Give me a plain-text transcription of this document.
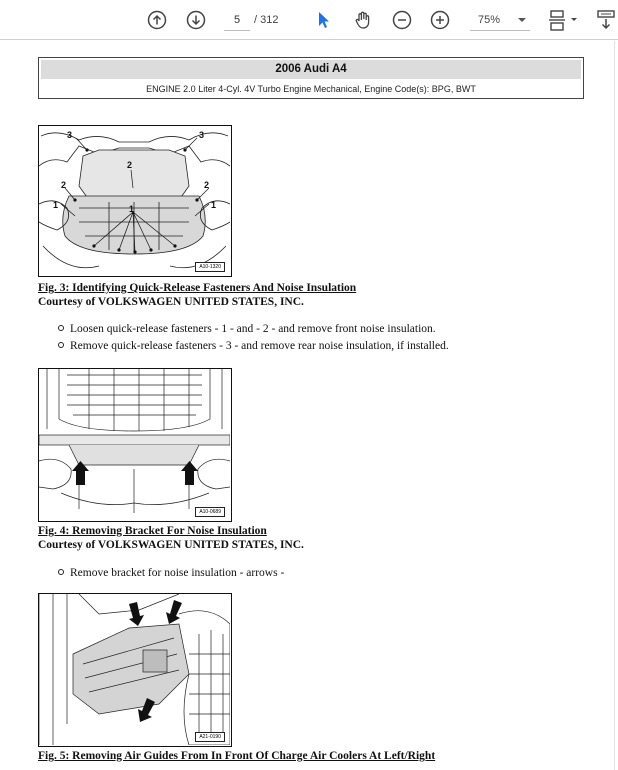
5
/ 312	75%
2006 Audi A4
ENGINE 2.0 Liter 4-Cyl. 4V Turbo Engine Mechanical, Engine Code(s): BPG, BWT
3	3
2
2	2
1	1
1
A10-1320
Fig. 3: Identifying Quick-Release Fasteners And Noise Insulation
Courtesy of VOLKSWAGEN UNITED STATES, INC.
Loosen quick-release fasteners - 1 - and - 2 - and remove front noise insulation.
Remove quick-release fasteners - 3 - and remove rear noise insulation, if installed.
A10-0689
Fig. 4: Removing Bracket For Noise Insulation
Courtesy of VOLKSWAGEN UNITED STATES, INC.
Remove bracket for noise insulation - arrows -
A21-0190
Fig. 5: Removing Air Guides From In Front Of Charge Air Coolers At Left/Right
